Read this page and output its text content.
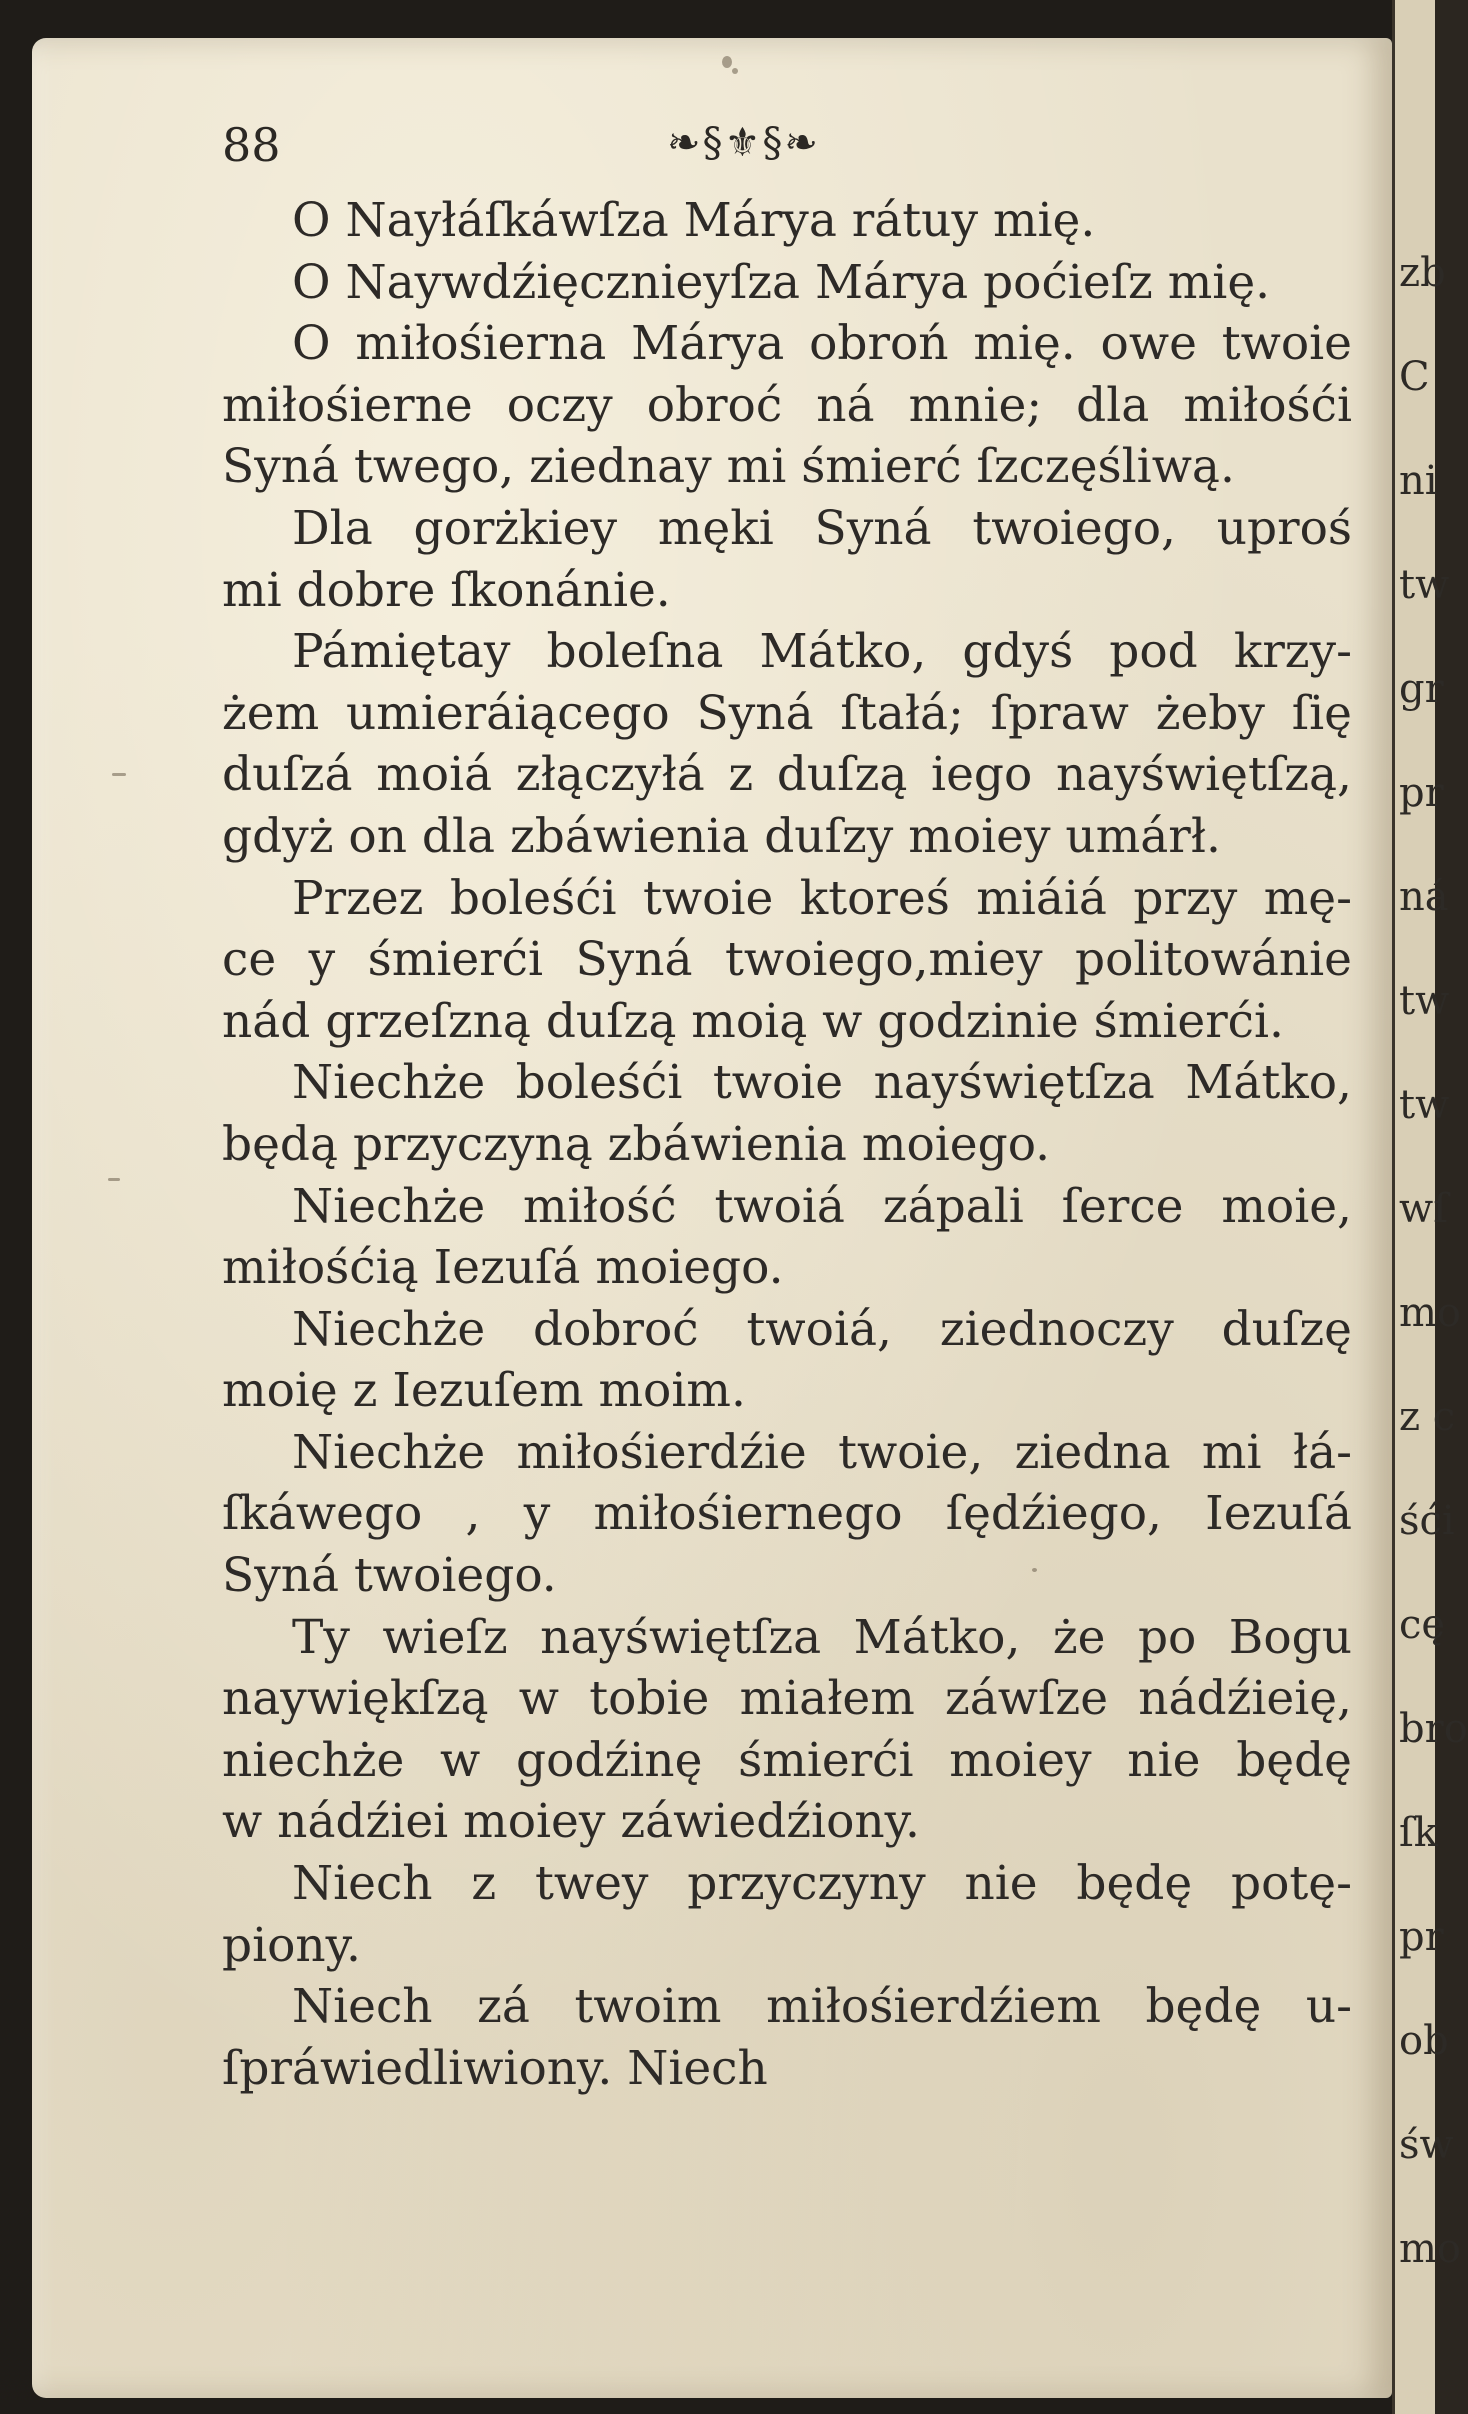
88	❧§⚜§❧
O Nayłáſkáwſza Márya rátuy mię.
O Naywdźięcznieyſza Márya poćieſz mię.
O miłośierna Márya obroń mię. owe twoie
miłośierne oczy obroć ná mnie; dla miłośći
Syná twego, ziednay mi śmierć ſzczęśliwą.
Dla gorżkiey męki Syná twoiego, uproś
mi dobre ſkonánie.
Pámiętay boleſna Mátko, gdyś pod krzy-
żem umieráiącego Syná ſtałá; ſpraw żeby ſię
duſzá moiá złączyłá z duſzą iego nayświętſzą,
gdyż on dla zbáwienia duſzy moiey umárł.
Przez boleśći twoie ktoreś miáiá przy mę-
ce y śmierći Syná twoiego,miey politowánie
nád grzeſzną duſzą moią w godzinie śmierći.
Niechże boleśći twoie nayświętſza Mátko,
będą przyczyną zbáwienia moiego.
Niechże miłość twoiá zápali ſerce moie,
miłośćią Iezuſá moiego.
Niechże dobroć twoiá, ziednoczy duſzę
moię z Iezuſem moim.
Niechże miłośierdźie twoie, ziedna mi łá-
ſkáwego , y miłośiernego ſędźiego, Iezuſá
Syná twoiego.
Ty wieſz nayświętſza Mátko, że po Bogu
naywiękſzą w tobie miałem záwſze nádźieię,
niechże w godźinę śmierći moiey nie będę
w nádźiei moiey záwiedźiony.
Niech z twey przyczyny nie będę potę-
piony.
Niech zá twoim miłośierdźiem będę u-
ſpráwiedliwiony. Niech
zb
C
ni
tw
gr
pr
ná
tw
tw
wſ
mo
z c
śći
cę
bro
ſk
pr
ob
św
mo
